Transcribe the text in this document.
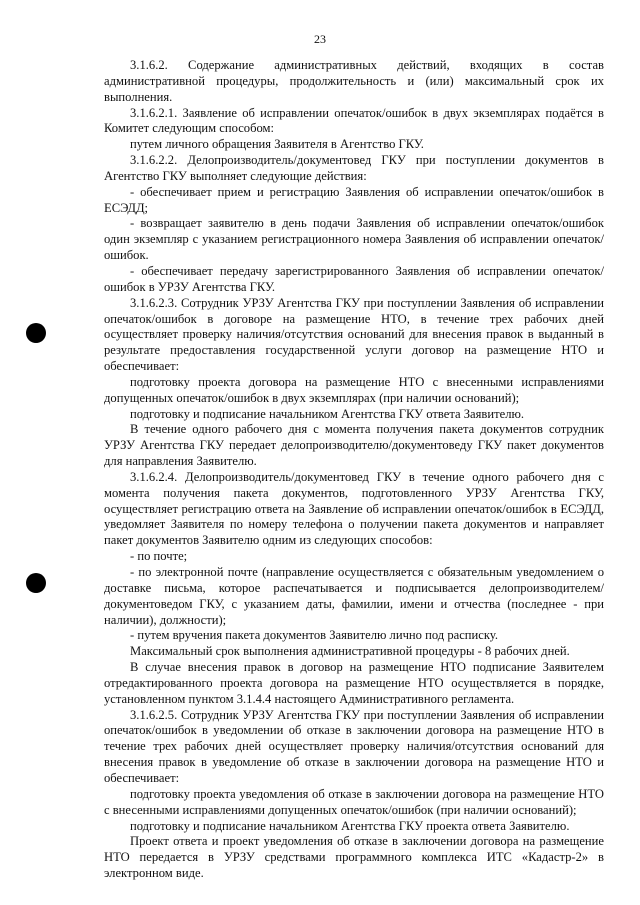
23

3.1.6.2. Содержание административных действий, входящих в состав административной процедуры, продолжительность и (или) максимальный срок их выполнения.

3.1.6.2.1. Заявление об исправлении опечаток/ошибок в двух экземплярах подаётся в Комитет следующим способом:

путем личного обращения Заявителя в Агентство ГКУ.

3.1.6.2.2. Делопроизводитель/документовед ГКУ при поступлении документов в Агентство ГКУ выполняет следующие действия:

- обеспечивает прием и регистрацию Заявления об исправлении опечаток/ошибок в ЕСЭДД;

- возвращает заявителю в день подачи Заявления об исправлении опечаток/ошибок один экземпляр с указанием регистрационного номера Заявления об исправлении опечаток/ошибок.

- обеспечивает передачу зарегистрированного Заявления об исправлении опечаток/ошибок в УРЗУ Агентства ГКУ.

3.1.6.2.3. Сотрудник УРЗУ Агентства ГКУ при поступлении Заявления об исправлении опечаток/ошибок в договоре на размещение НТО, в течение трех рабочих дней осуществляет проверку наличия/отсутствия оснований для внесения правок в выданный в результате предоставления государственной услуги договор на размещение НТО и обеспечивает:

подготовку проекта договора на размещение НТО с внесенными исправлениями допущенных опечаток/ошибок в двух экземплярах (при наличии оснований);

подготовку и подписание начальником Агентства ГКУ ответа Заявителю.

В течение одного рабочего дня с момента получения пакета документов сотрудник УРЗУ Агентства ГКУ передает делопроизводителю/документоведу ГКУ пакет документов для направления Заявителю.

3.1.6.2.4. Делопроизводитель/документовед ГКУ в течение одного рабочего дня с момента получения пакета документов, подготовленного УРЗУ Агентства ГКУ, осуществляет регистрацию ответа на Заявление об исправлении опечаток/ошибок в ЕСЭДД, уведомляет Заявителя по номеру телефона о получении пакета документов и направляет пакет документов Заявителю одним из следующих способов:

- по почте;

- по электронной почте (направление осуществляется с обязательным уведомлением о доставке письма, которое распечатывается и подписывается делопроизводителем/документоведом ГКУ, с указанием даты, фамилии, имени и отчества (последнее - при наличии), должности);

- путем вручения пакета документов Заявителю лично под расписку.

Максимальный срок выполнения административной процедуры - 8 рабочих дней.

В случае внесения правок в договор на размещение НТО подписание Заявителем отредактированного проекта договора на размещение НТО осуществляется в порядке, установленном пунктом 3.1.4.4 настоящего Административного регламента.

3.1.6.2.5. Сотрудник УРЗУ Агентства ГКУ при поступлении Заявления об исправлении опечаток/ошибок в уведомлении об отказе в заключении договора на размещение НТО в течение трех рабочих дней осуществляет проверку наличия/отсутствия оснований для внесения правок в уведомление об отказе в заключении договора на размещение НТО и обеспечивает:

подготовку проекта уведомления об отказе в заключении договора на размещение НТО с внесенными исправлениями допущенных опечаток/ошибок (при наличии оснований);

подготовку и подписание начальником Агентства ГКУ проекта ответа Заявителю.

Проект ответа и проект уведомления об отказе в заключении договора на размещение НТО передается в УРЗУ средствами программного комплекса ИТС «Кадастр-2» в электронном виде.
